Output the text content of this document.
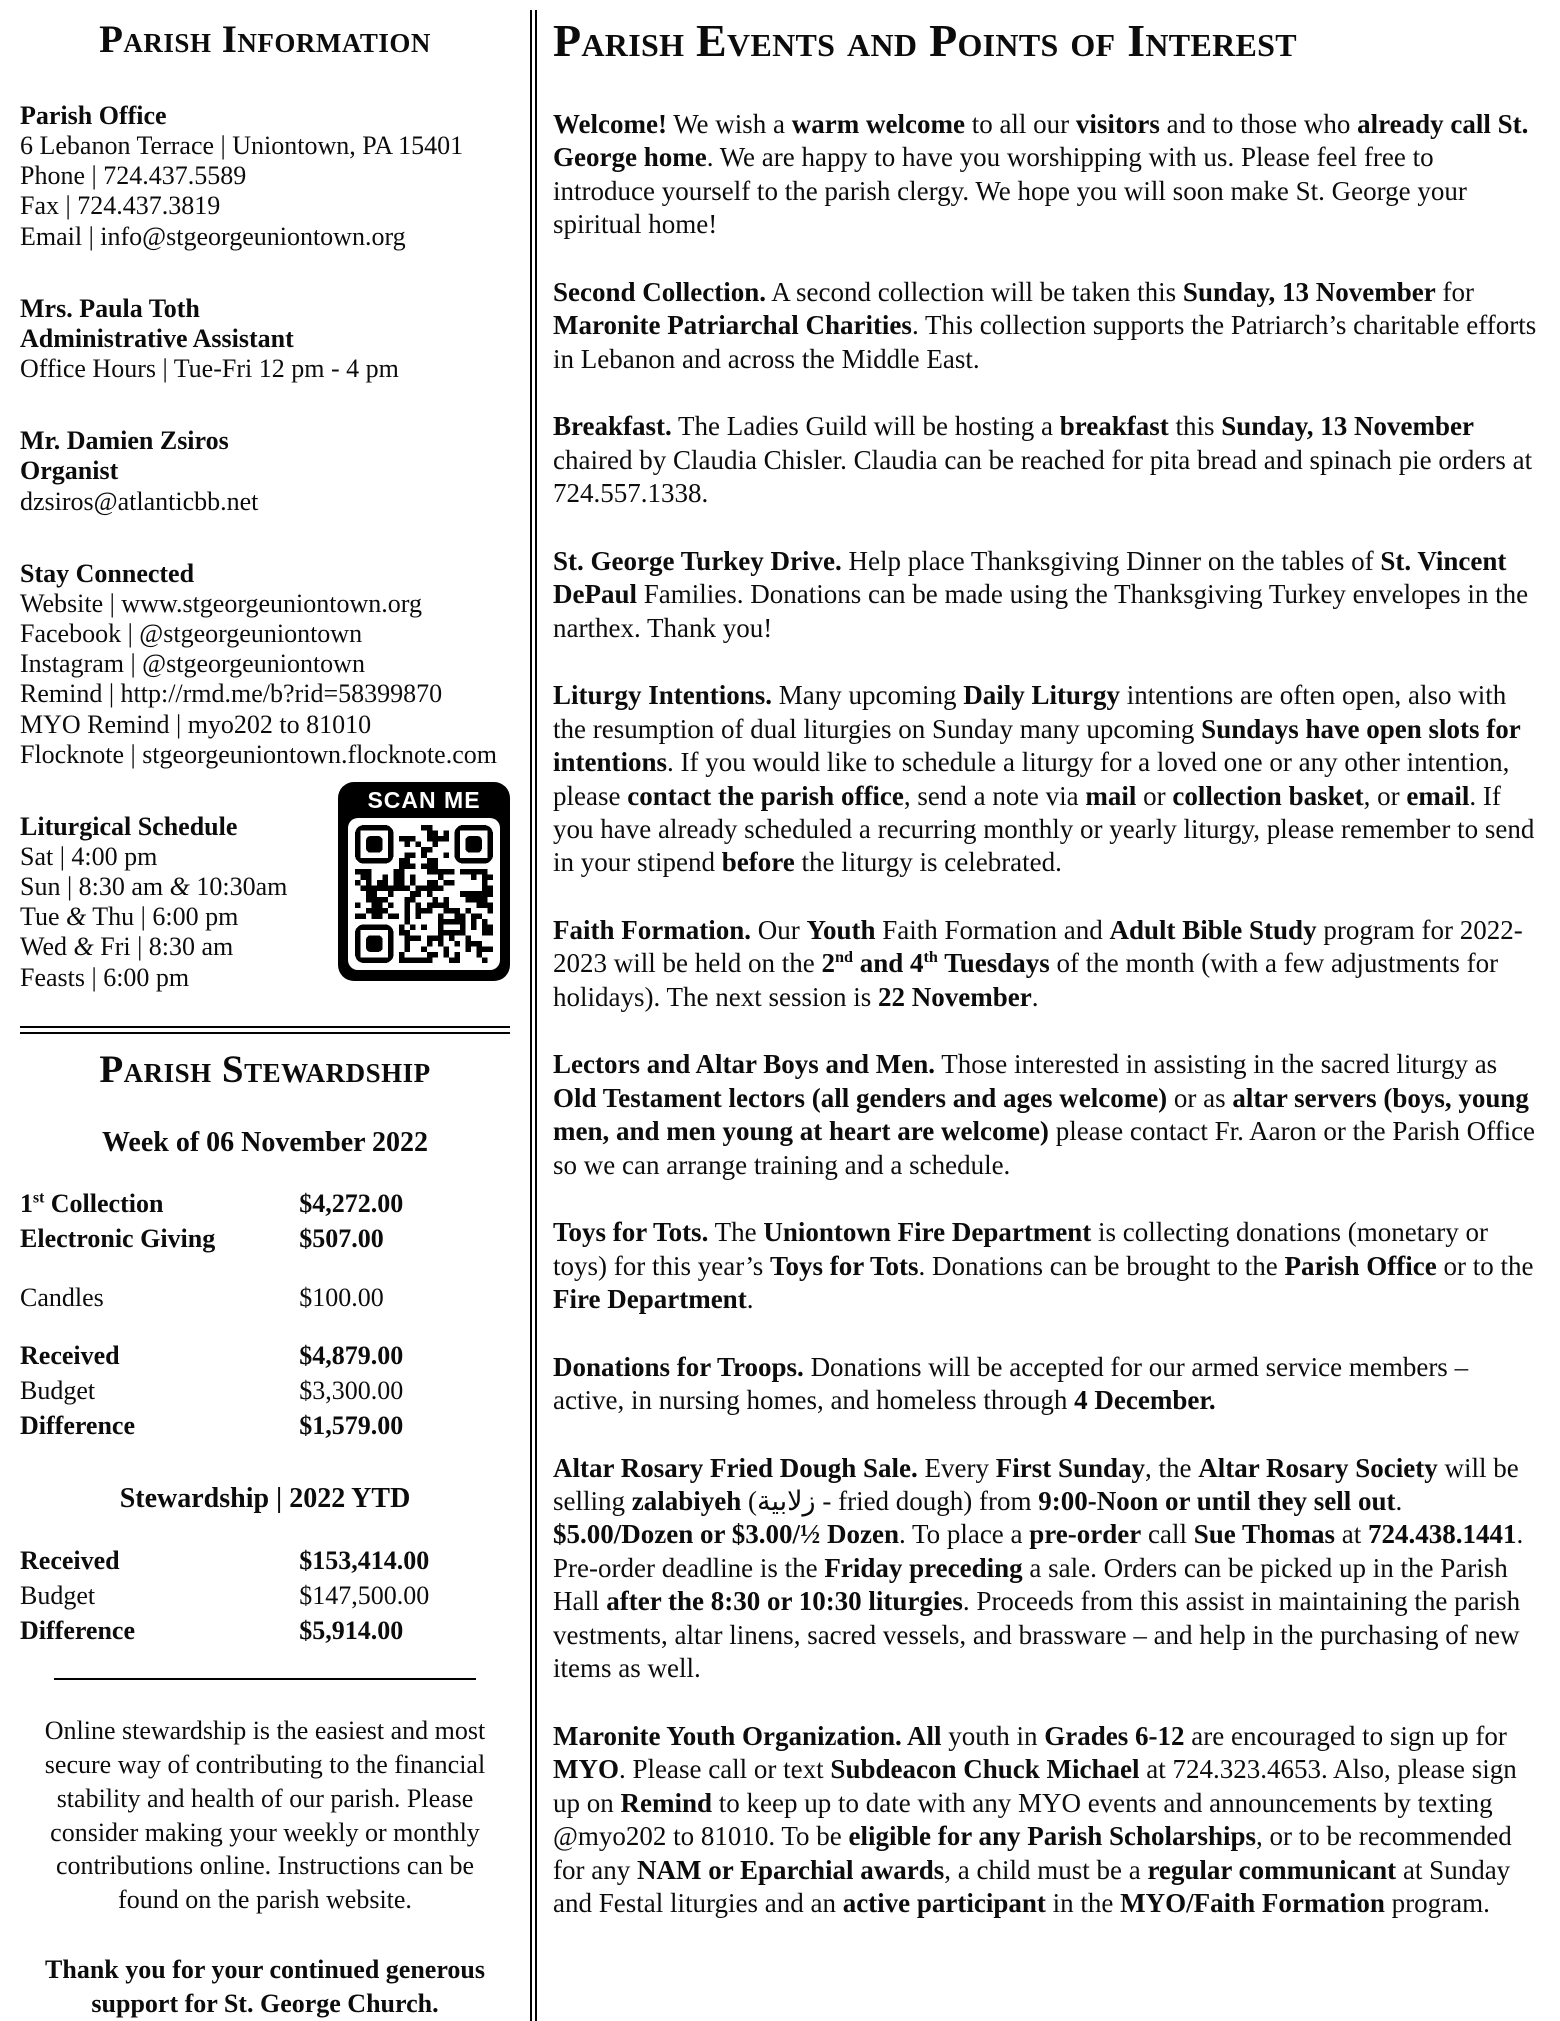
Parish Information
Parish Office
6 Lebanon Terrace | Uniontown, PA 15401
Phone | 724.437.5589
Fax | 724.437.3819
Email | info@stgeorgeuniontown.org
Mrs. Paula Toth
Administrative Assistant
Office Hours | Tue-Fri 12 pm - 4 pm
Mr. Damien Zsiros
Organist
dzsiros@atlanticbb.net
Stay Connected
Website | www.stgeorgeuniontown.org
Facebook | @stgeorgeuniontown
Instagram | @stgeorgeuniontown
Remind | http://rmd.me/b?rid=58399870
MYO Remind | myo202 to 81010
Flocknote | stgeorgeuniontown.flocknote.com
Liturgical Schedule
Sat | 4:00 pm
Sun | 8:30 am & 10:30am
Tue & Thu | 6:00 pm
Wed & Fri | 8:30 am
Feasts | 6:00 pm
SCAN ME
Parish Stewardship
Week of 06 November 2022
1st Collection	$4,272.00
Electronic Giving	$507.00
Candles	$100.00
Received	$4,879.00
Budget	$3,300.00
Difference	$1,579.00
Stewardship | 2022 YTD
Received	$153,414.00
Budget	$147,500.00
Difference	$5,914.00

Online stewardship is the easiest and most secure way of contributing to the financial stability and health of our parish. Please consider making your weekly or monthly contributions online. Instructions can be found on the parish website.

Thank you for your continued generous support for St. George Church.

Parish Events and Points of Interest

Welcome! We wish a warm welcome to all our visitors and to those who already call St. George home. We are happy to have you worshipping with us. Please feel free to introduce yourself to the parish clergy. We hope you will soon make St. George your spiritual home!

Second Collection. A second collection will be taken this Sunday, 13 November for Maronite Patriarchal Charities. This collection supports the Patriarch’s charitable efforts in Lebanon and across the Middle East.

Breakfast. The Ladies Guild will be hosting a breakfast this Sunday, 13 November chaired by Claudia Chisler. Claudia can be reached for pita bread and spinach pie orders at 724.557.1338.

St. George Turkey Drive. Help place Thanksgiving Dinner on the tables of St. Vincent DePaul Families. Donations can be made using the Thanksgiving Turkey envelopes in the narthex. Thank you!

Liturgy Intentions. Many upcoming Daily Liturgy intentions are often open, also with the resumption of dual liturgies on Sunday many upcoming Sundays have open slots for intentions. If you would like to schedule a liturgy for a loved one or any other intention, please contact the parish office, send a note via mail or collection basket, or email. If you have already scheduled a recurring monthly or yearly liturgy, please remember to send in your stipend before the liturgy is celebrated.

Faith Formation. Our Youth Faith Formation and Adult Bible Study program for 2022-2023 will be held on the 2nd and 4th Tuesdays of the month (with a few adjustments for holidays). The next session is 22 November.

Lectors and Altar Boys and Men. Those interested in assisting in the sacred liturgy as Old Testament lectors (all genders and ages welcome) or as altar servers (boys, young men, and men young at heart are welcome) please contact Fr. Aaron or the Parish Office so we can arrange training and a schedule.

Toys for Tots. The Uniontown Fire Department is collecting donations (monetary or toys) for this year’s Toys for Tots. Donations can be brought to the Parish Office or to the Fire Department.

Donations for Troops. Donations will be accepted for our armed service members – active, in nursing homes, and homeless through 4 December.

Altar Rosary Fried Dough Sale. Every First Sunday, the Altar Rosary Society will be selling zalabiyeh (زلابية - fried dough) from 9:00-Noon or until they sell out. $5.00/Dozen or $3.00/½ Dozen. To place a pre-order call Sue Thomas at 724.438.1441. Pre-order deadline is the Friday preceding a sale. Orders can be picked up in the Parish Hall after the 8:30 or 10:30 liturgies. Proceeds from this assist in maintaining the parish vestments, altar linens, sacred vessels, and brassware – and help in the purchasing of new items as well.

Maronite Youth Organization. All youth in Grades 6-12 are encouraged to sign up for MYO. Please call or text Subdeacon Chuck Michael at 724.323.4653. Also, please sign up on Remind to keep up to date with any MYO events and announcements by texting @myo202 to 81010. To be eligible for any Parish Scholarships, or to be recommended for any NAM or Eparchial awards, a child must be a regular communicant at Sunday and Festal liturgies and an active participant in the MYO/Faith Formation program.
